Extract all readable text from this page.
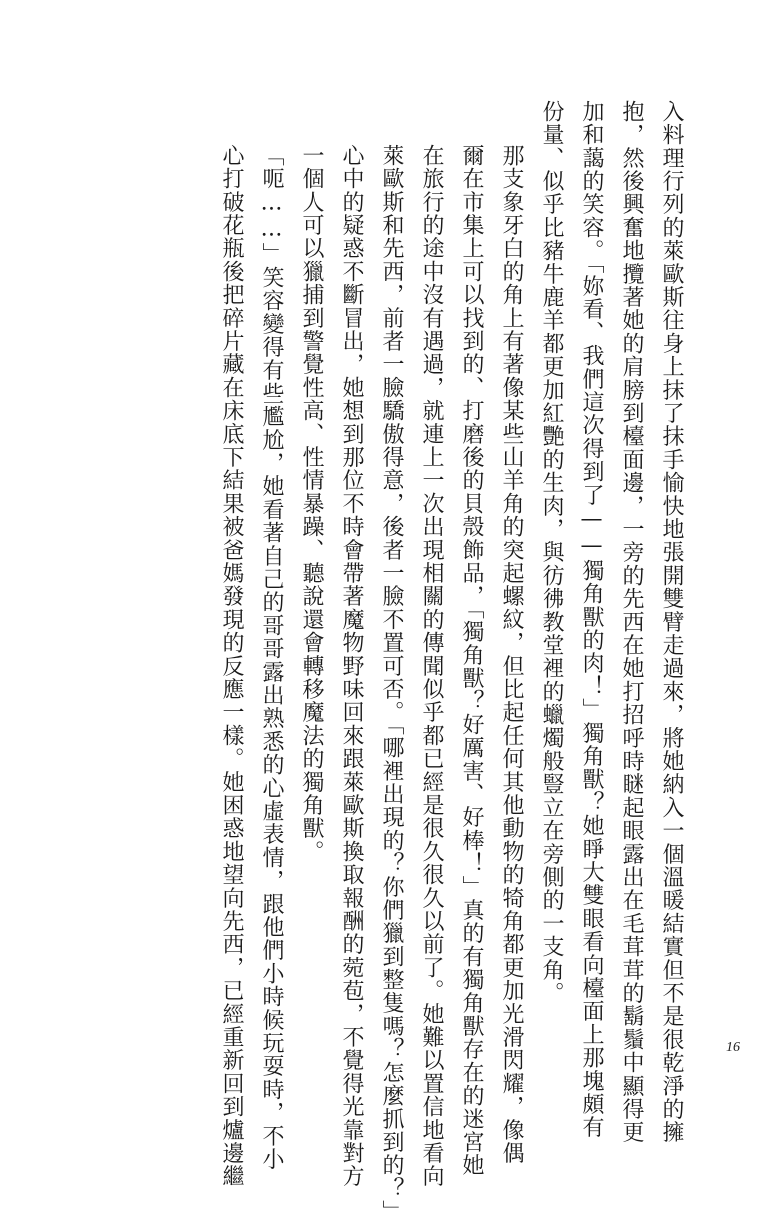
入料理行列的萊歐斯往身上抹了抹手愉快地張開雙臂走過來，將她納入一個溫暖結實但不是很乾淨的擁
抱，然後興奮地攬著她的肩膀到檯面邊，一旁的先西在她打招呼時瞇起眼露出在毛茸茸的鬍鬚中顯得更
加和藹的笑容。「妳看、我們這次得到了——獨角獸的肉！」獨角獸？她睜大雙眼看向檯面上那塊頗有
份量、似乎比豬牛鹿羊都更加紅艷的生肉，與彷彿教堂裡的蠟燭般豎立在旁側的一支角。
那支象牙白的角上有著像某些山羊角的突起螺紋，但比起任何其他動物的犄角都更加光滑閃耀，像偶
爾在市集上可以找到的、打磨後的貝殼飾品，「獨角獸？好厲害、好棒！」真的有獨角獸存在的迷宮她
在旅行的途中沒有遇過，就連上一次出現相關的傳聞似乎都已經是很久很久以前了。她難以置信地看向
萊歐斯和先西，前者一臉驕傲得意，後者一臉不置可否。「哪裡出現的？你們獵到整隻嗎？怎麼抓到的？」
心中的疑惑不斷冒出，她想到那位不時會帶著魔物野味回來跟萊歐斯換取報酬的菀苞，不覺得光靠對方
一個人可以獵捕到警覺性高、性情暴躁、聽說還會轉移魔法的獨角獸。
「呃……」笑容變得有些尷尬，她看著自己的哥哥露出熟悉的心虛表情，跟他們小時候玩耍時，不小
心打破花瓶後把碎片藏在床底下結果被爸媽發現的反應一樣。她困惑地望向先西，已經重新回到爐邊繼	16
